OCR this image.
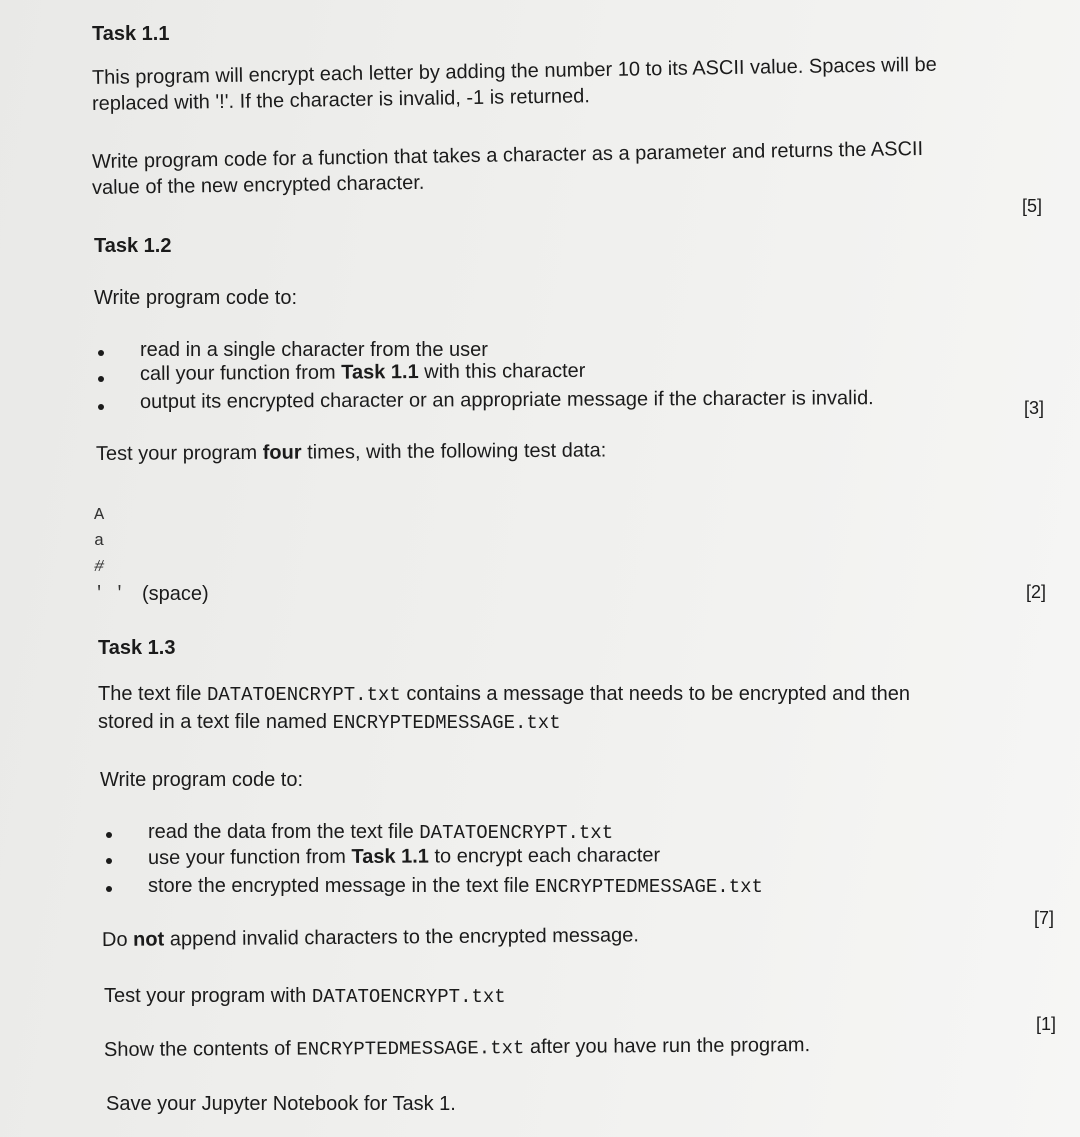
Task 1.1
This program will encrypt each letter by adding the number 10 to its ASCII value. Spaces will be
replaced with '!'. If the character is invalid, -1 is returned.
Write program code for a function that takes a character as a parameter and returns the ASCII
value of the new encrypted character.
[5]
Task 1.2
Write program code to:
read in a single character from the user
call your function from Task 1.1 with this character
output its encrypted character or an appropriate message if the character is invalid.	[3]
Test your program four times, with the following test data:
A
a
#
' ' (space)	[2]
Task 1.3
The text file DATATOENCRYPT.txt contains a message that needs to be encrypted and then
stored in a text file named ENCRYPTEDMESSAGE.txt
Write program code to:
read the data from the text file DATATOENCRYPT.txt
use your function from Task 1.1 to encrypt each character
store the encrypted message in the text file ENCRYPTEDMESSAGE.txt
Do not append invalid characters to the encrypted message.
[7]
Test your program with DATATOENCRYPT.txt
Show the contents of ENCRYPTEDMESSAGE.txt after you have run the program.
[1]
Save your Jupyter Notebook for Task 1.
